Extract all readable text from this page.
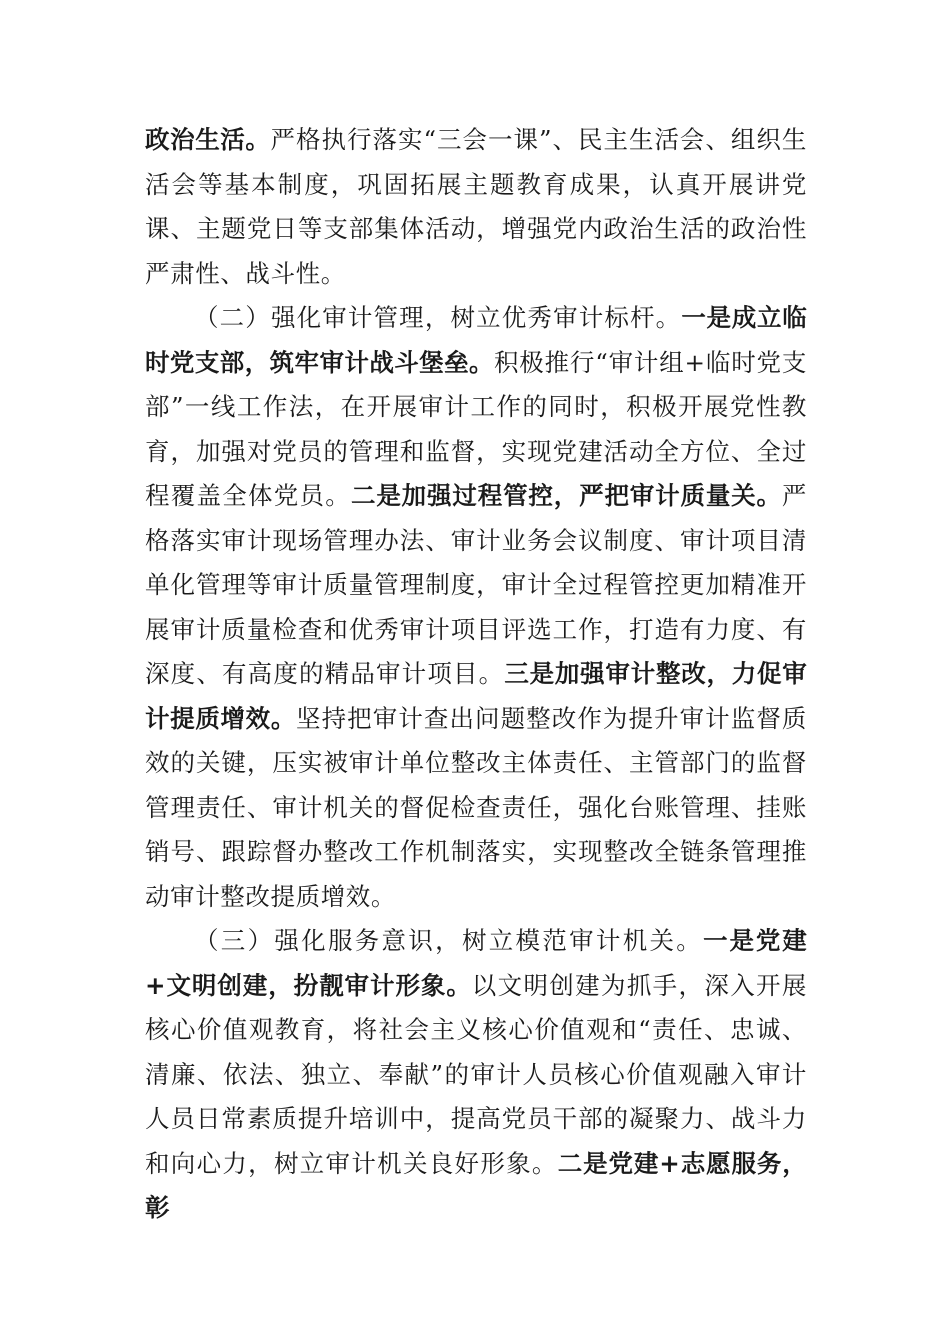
政治生活。严格执行落实“三会一课”、民主生活会、组织生活会等基本制度，巩固拓展主题教育成果，认真开展讲党课、主题党日等支部集体活动，增强党内政治生活的政治性严肃性、战斗性。

（二）强化审计管理，树立优秀审计标杆。一是成立临时党支部，筑牢审计战斗堡垒。积极推行“审计组+临时党支部”一线工作法，在开展审计工作的同时，积极开展党性教育，加强对党员的管理和监督，实现党建活动全方位、全过程覆盖全体党员。二是加强过程管控，严把审计质量关。严格落实审计现场管理办法、审计业务会议制度、审计项目清单化管理等审计质量管理制度，审计全过程管控更加精准开展审计质量检查和优秀审计项目评选工作，打造有力度、有深度、有高度的精品审计项目。三是加强审计整改，力促审计提质增效。坚持把审计查出问题整改作为提升审计监督质效的关键，压实被审计单位整改主体责任、主管部门的监督管理责任、审计机关的督促检查责任，强化台账管理、挂账销号、跟踪督办整改工作机制落实，实现整改全链条管理推动审计整改提质增效。

（三）强化服务意识，树立模范审计机关。一是党建+文明创建，扮靓审计形象。以文明创建为抓手，深入开展核心价值观教育，将社会主义核心价值观和“责任、忠诚、清廉、依法、独立、奉献”的审计人员核心价值观融入审计人员日常素质提升培训中，提高党员干部的凝聚力、战斗力和向心力，树立审计机关良好形象。二是党建+志愿服务，彰
